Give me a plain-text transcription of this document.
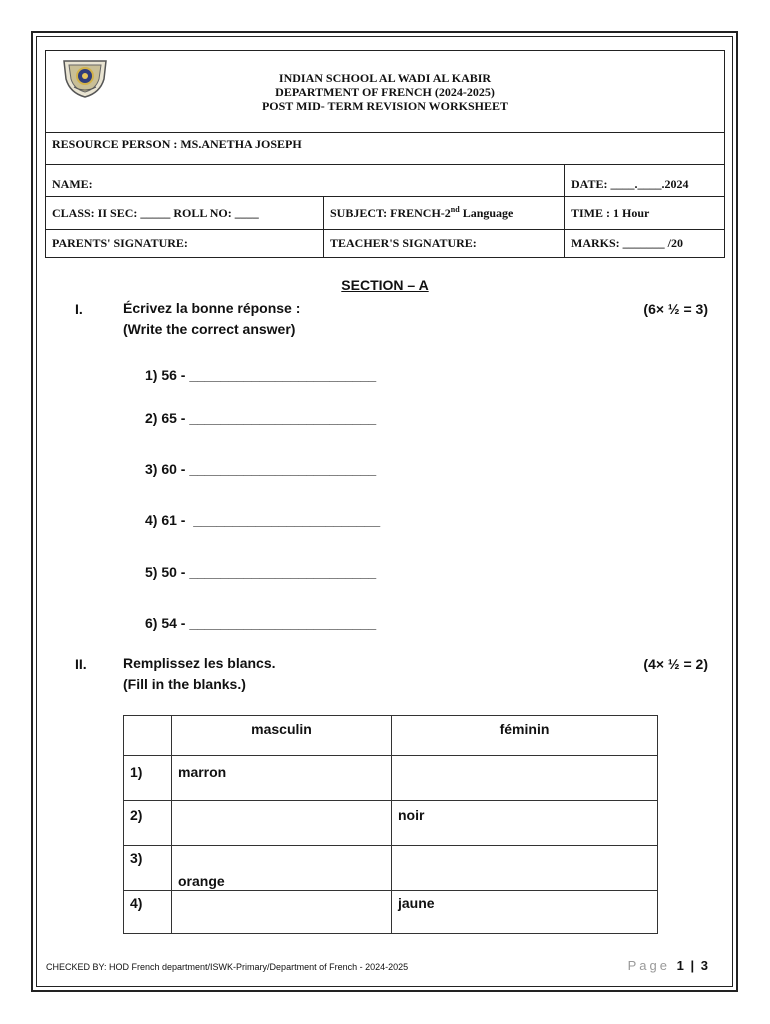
INDIAN SCHOOL AL WADI AL KABIR
DEPARTMENT OF FRENCH (2024-2025)
POST MID- TERM REVISION WORKSHEET		

RESOURCE PERSON : MS.ANETHA JOSEPH		
NAME:		DATE: ____.____.2024
CLASS: II SEC: _____ ROLL NO: ____	SUBJECT: FRENCH-2nd Language	TIME : 1 Hour
PARENTS' SIGNATURE:	TEACHER'S SIGNATURE:	MARKS: _______ /20
SECTION – A
I.	Écrivez la bonne réponse :
(Write the correct answer)
(6× ½ = 3)
1) 56 - ________________________
2) 65 - ________________________
3) 60 - ________________________
4) 61 -  ________________________
5) 50 - ________________________
6) 54 - ________________________
II.	Remplissez les blancs.
(Fill in the blanks.)
(4× ½ = 2)
	masculin	féminin
1)	marron	
2)		noir
3)	orange	
4)		jaune
CHECKED BY: HOD French department/ISWK-Primary/Department of French - 2024-2025	Page 1 | 3
